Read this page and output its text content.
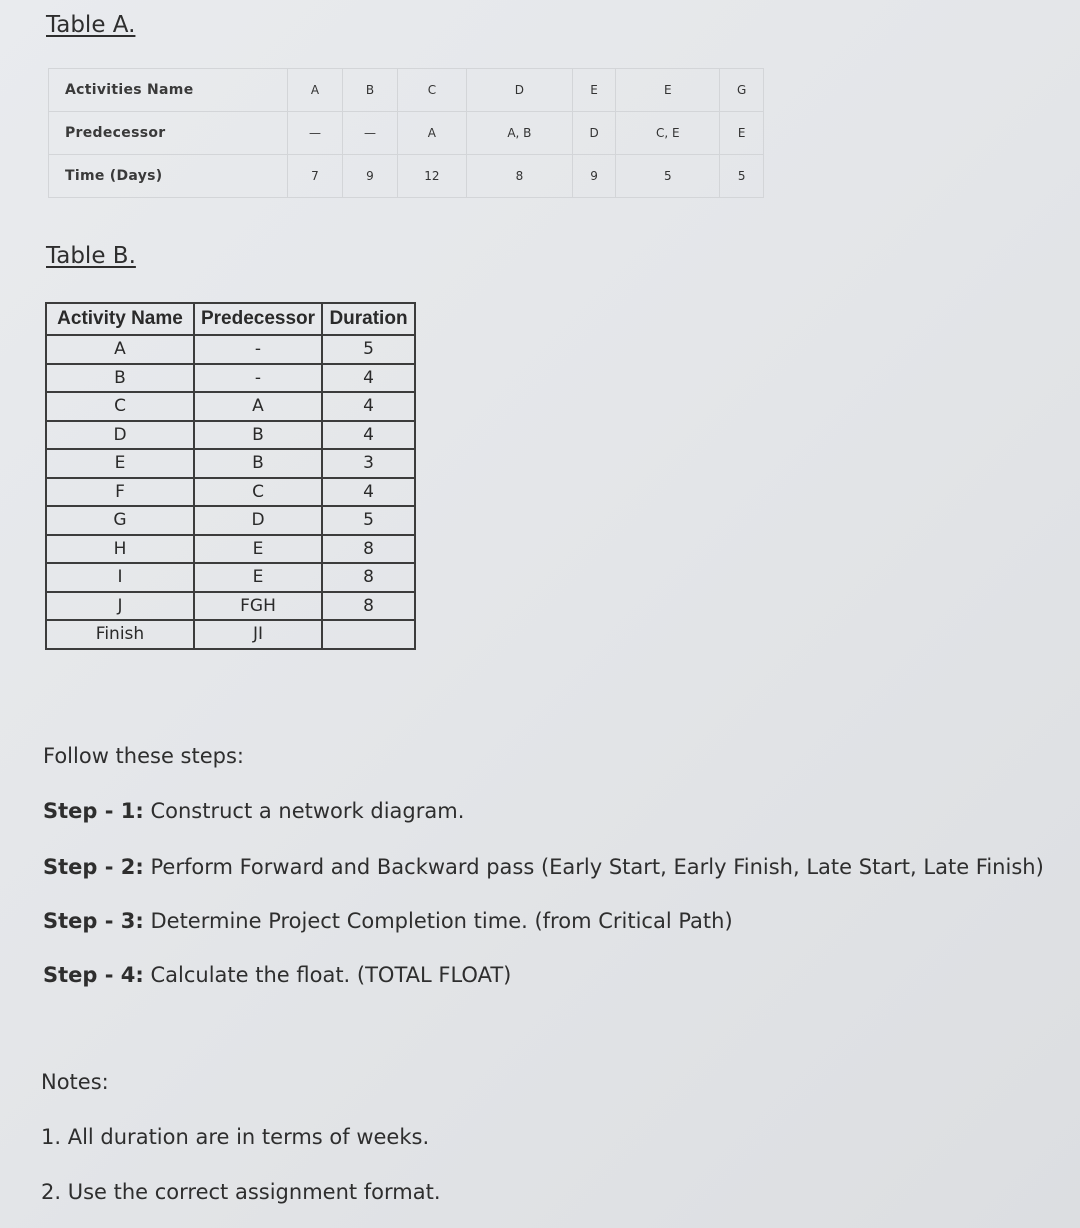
Table A.
Activities Name	A	B	C	D	E	E	G
Predecessor	—	—	A	A, B	D	C, E	E
Time (Days)	7	9	12	8	9	5	5
Table B.
Activity Name	Predecessor	Duration
A	-	5
B	-	4
C	A	4
D	B	4
E	B	3
F	C	4
G	D	5
H	E	8
I	E	8
J	FGH	8
Finish	JI	
Follow these steps:
Step - 1: Construct a network diagram.
Step - 2: Perform Forward and Backward pass (Early Start, Early Finish, Late Start, Late Finish)
Step - 3: Determine Project Completion time. (from Critical Path)
Step - 4: Calculate the float. (TOTAL FLOAT)
Notes:
1. All duration are in terms of weeks.
2. Use the correct assignment format.
